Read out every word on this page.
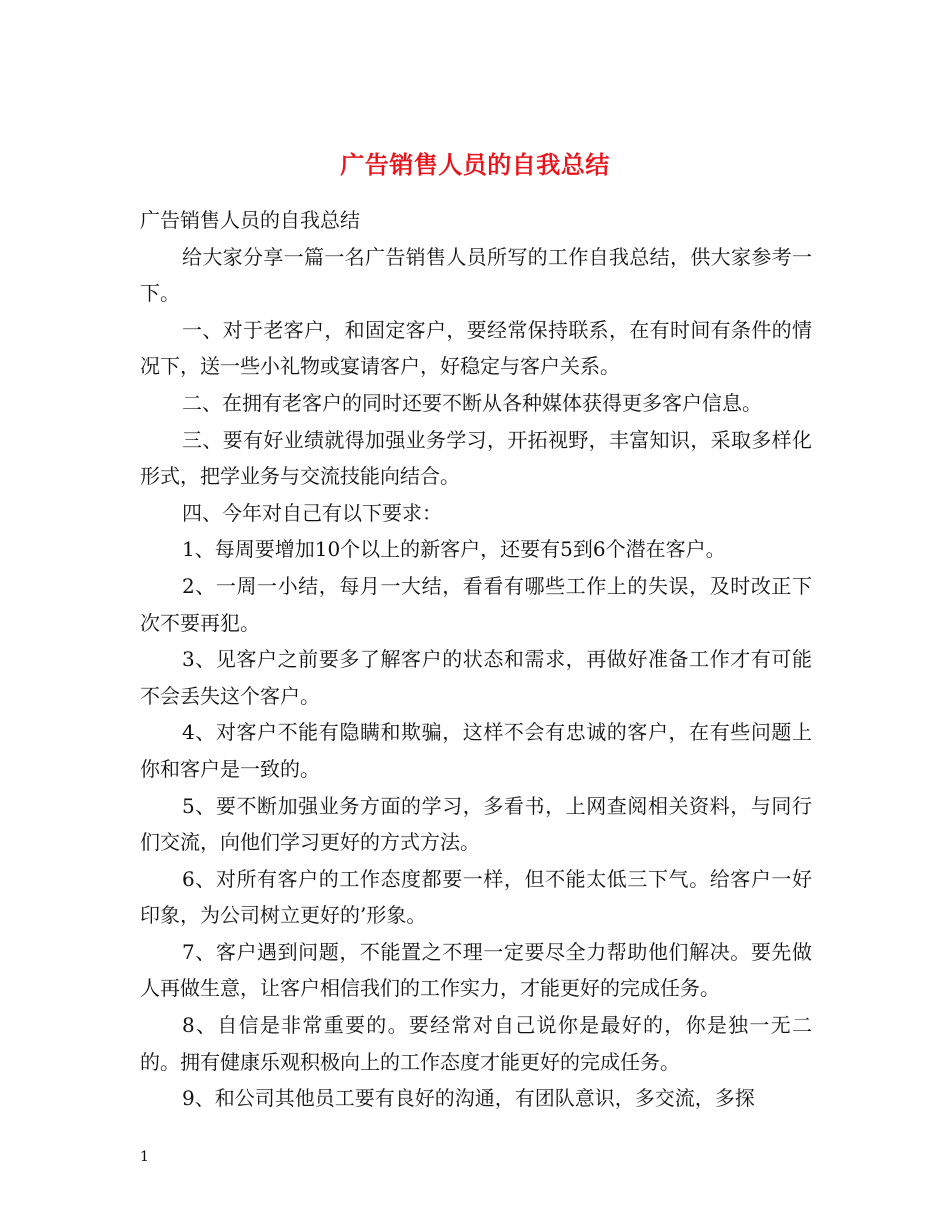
广告销售人员的自我总结

广告销售人员的自我总结

给大家分享一篇一名广告销售人员所写的工作自我总结，供大家参考一下。

一、对于老客户，和固定客户，要经常保持联系，在有时间有条件的情况下，送一些小礼物或宴请客户，好稳定与客户关系。

二、在拥有老客户的同时还要不断从各种媒体获得更多客户信息。

三、要有好业绩就得加强业务学习，开拓视野，丰富知识，采取多样化形式，把学业务与交流技能向结合。

四、今年对自己有以下要求：

1、每周要增加10个以上的新客户，还要有5到6个潜在客户。

2、一周一小结，每月一大结，看看有哪些工作上的失误，及时改正下次不要再犯。

3、见客户之前要多了解客户的状态和需求，再做好准备工作才有可能不会丢失这个客户。

4、对客户不能有隐瞒和欺骗，这样不会有忠诚的客户，在有些问题上你和客户是一致的。

5、要不断加强业务方面的学习，多看书，上网查阅相关资料，与同行们交流，向他们学习更好的方式方法。

6、对所有客户的工作态度都要一样，但不能太低三下气。给客户一好印象，为公司树立更好的’形象。

7、客户遇到问题，不能置之不理一定要尽全力帮助他们解决。要先做人再做生意，让客户相信我们的工作实力，才能更好的完成任务。

8、自信是非常重要的。要经常对自己说你是最好的，你是独一无二的。拥有健康乐观积极向上的工作态度才能更好的完成任务。

9、和公司其他员工要有良好的沟通，有团队意识，多交流，多探

1
